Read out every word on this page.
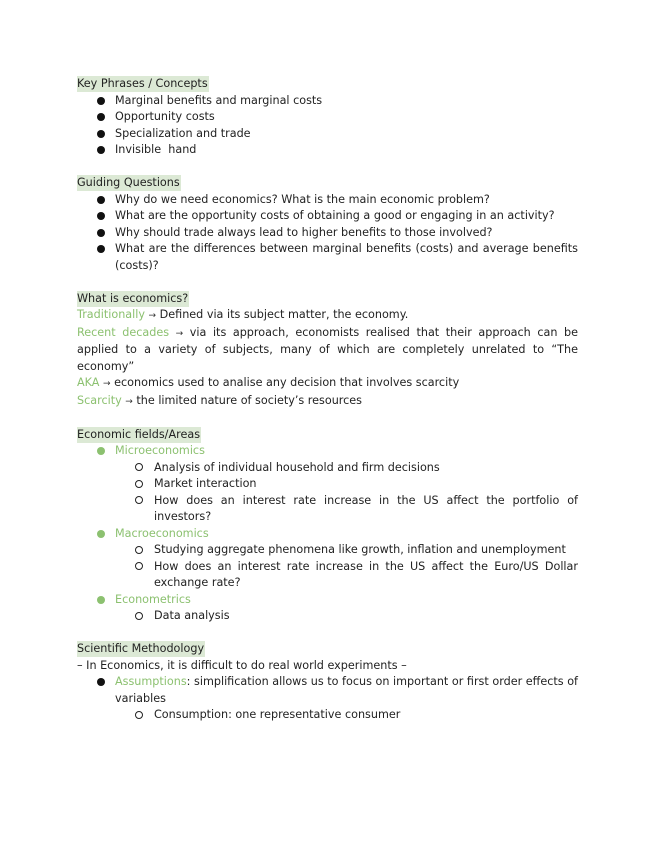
Key Phrases / Concepts
Marginal benefits and marginal costs
Opportunity costs
Specialization and trade
Invisible  hand
Guiding Questions
Why do we need economics? What is the main economic problem?
What are the opportunity costs of obtaining a good or engaging in an activity?
Why should trade always lead to higher benefits to those involved?
What are the differences between marginal benefits (costs) and average benefits (costs)?
What is economics?
Traditionally → Defined via its subject matter, the economy.
Recent decades → via its approach, economists realised that their approach can be applied to a variety of subjects, many of which are completely unrelated to “The economy”
AKA → economics used to analise any decision that involves scarcity
Scarcity → the limited nature of society’s resources
Economic fields/Areas
Microeconomics
Analysis of individual household and firm decisions
Market interaction
How does an interest rate increase in the US affect the portfolio of investors?
Macroeconomics
Studying aggregate phenomena like growth, inflation and unemployment
How does an interest rate increase in the US affect the Euro/US Dollar exchange rate?
Econometrics
Data analysis
Scientific Methodology
– In Economics, it is difficult to do real world experiments –
Assumptions: simplification allows us to focus on important or first order effects of variables
Consumption: one representative consumer
